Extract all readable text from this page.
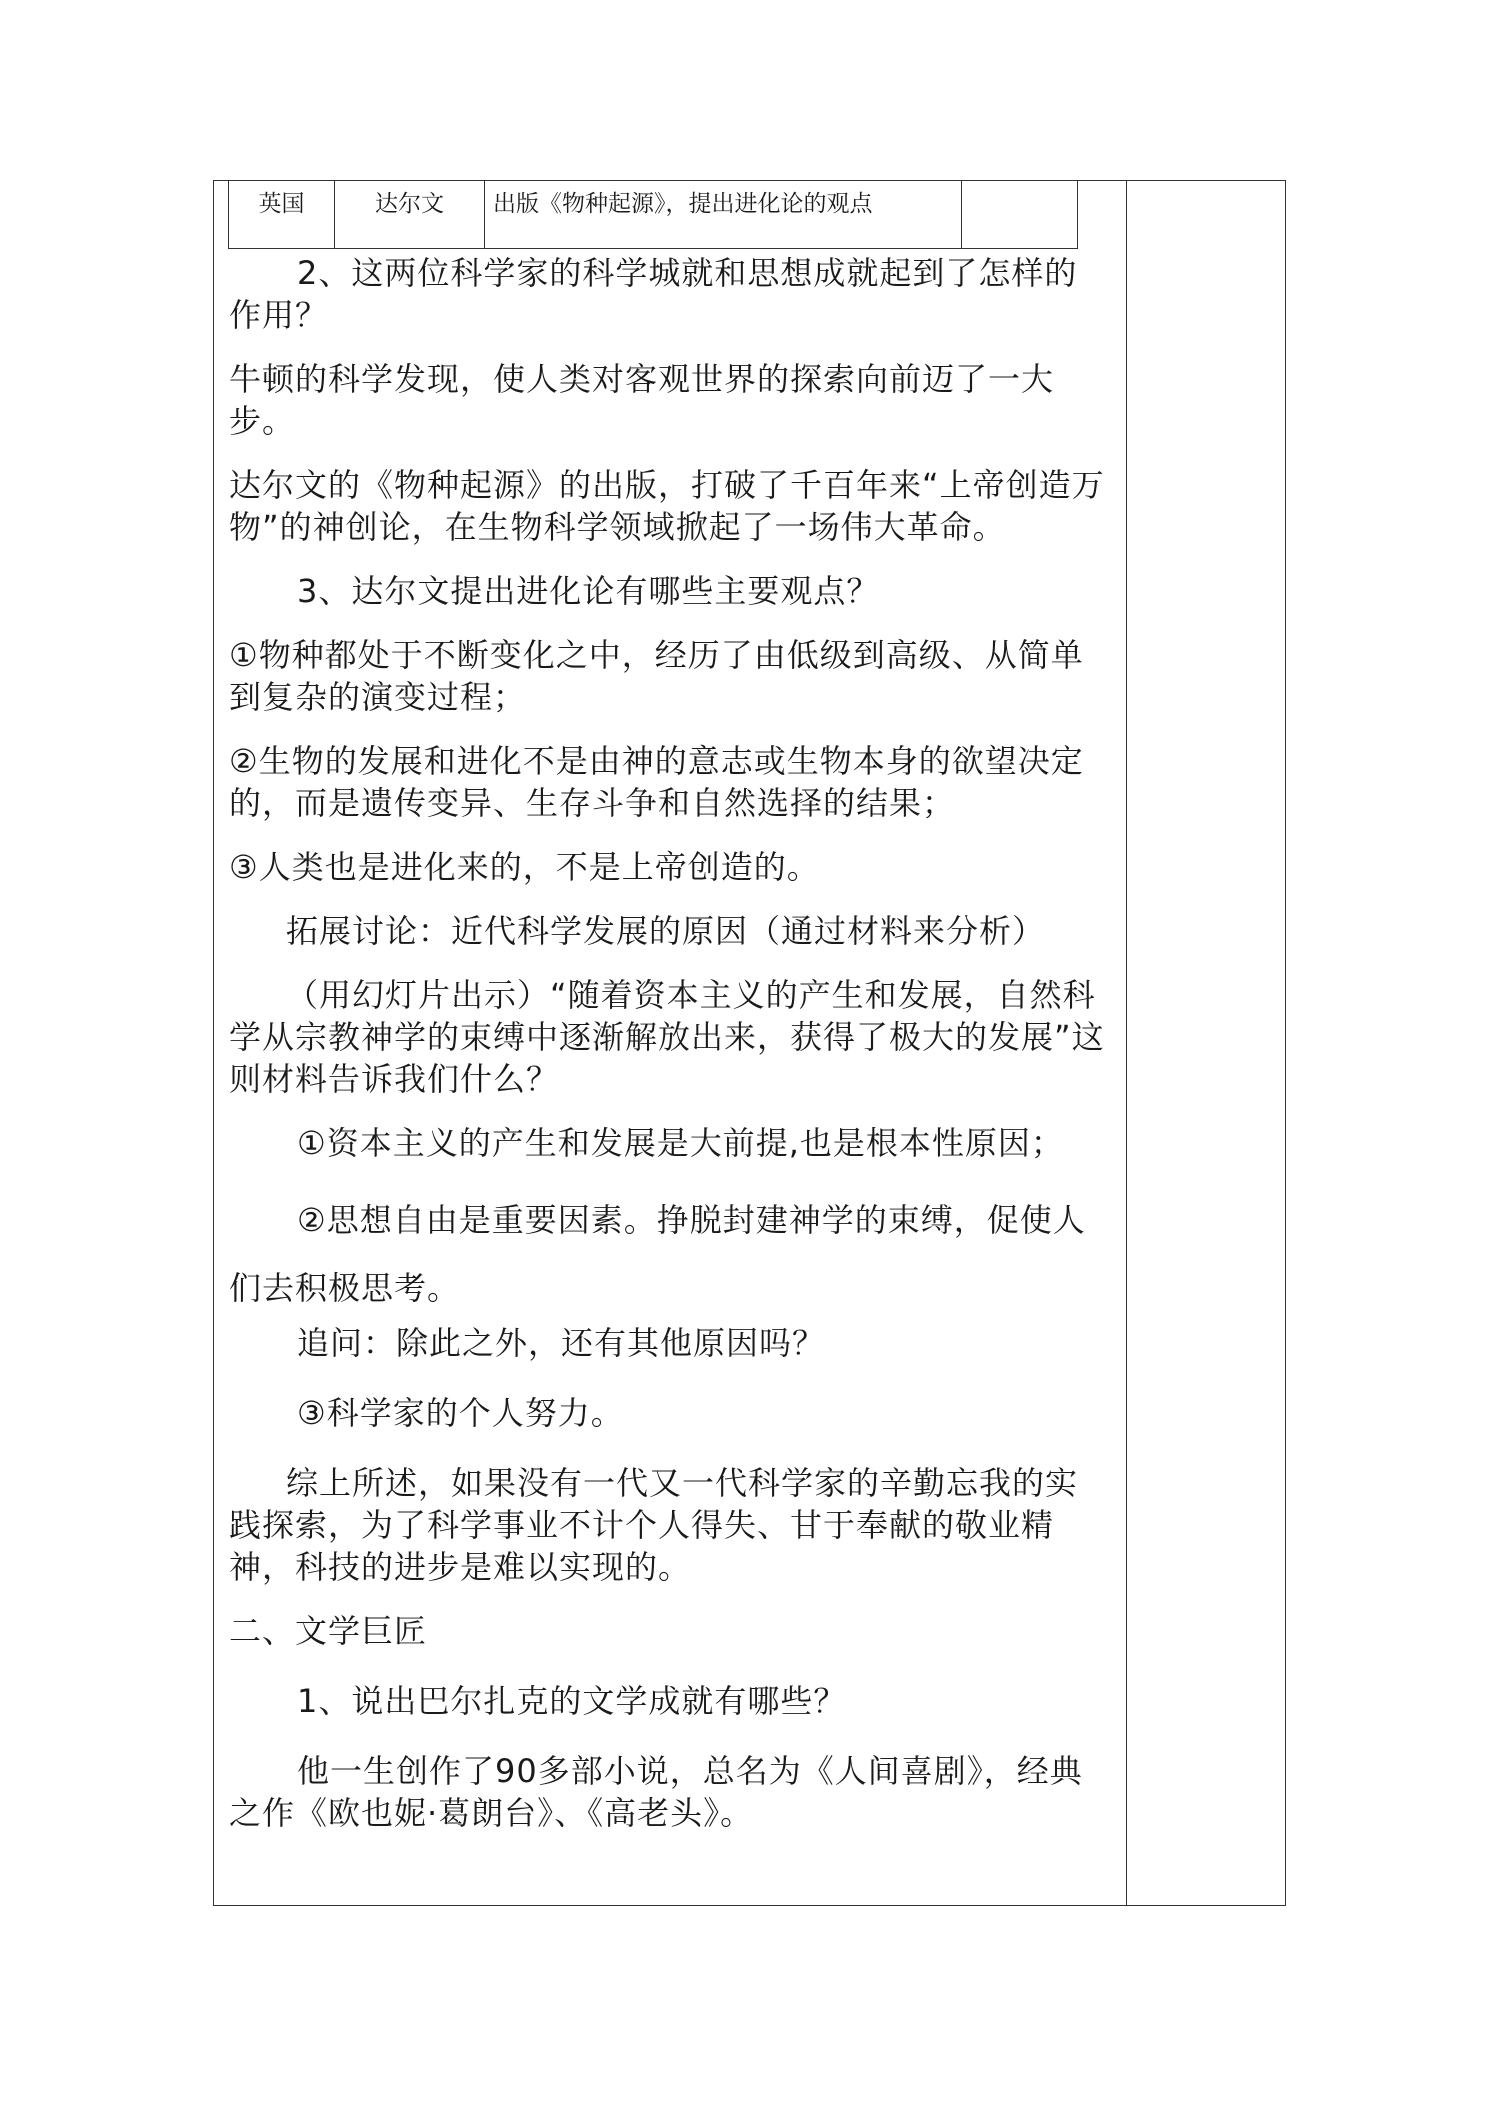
英国	达尔文	出版《物种起源》，提出进化论的观点	

2、这两位科学家的科学城就和思想成就起到了怎样的作用？

牛顿的科学发现，使人类对客观世界的探索向前迈了一大步。

达尔文的《物种起源》的出版，打破了千百年来“上帝创造万物”的神创论，在生物科学领域掀起了一场伟大革命。

3、达尔文提出进化论有哪些主要观点？

①物种都处于不断变化之中，经历了由低级到高级、从简单到复杂的演变过程；

②生物的发展和进化不是由神的意志或生物本身的欲望决定的，而是遗传变异、生存斗争和自然选择的结果；

③人类也是进化来的，不是上帝创造的。

拓展讨论：近代科学发展的原因（通过材料来分析）

（用幻灯片出示）“随着资本主义的产生和发展，自然科学从宗教神学的束缚中逐渐解放出来，获得了极大的发展”这则材料告诉我们什么？

①资本主义的产生和发展是大前提,也是根本性原因；

②思想自由是重要因素。挣脱封建神学的束缚，促使人们去积极思考。

追问：除此之外，还有其他原因吗？

③科学家的个人努力。

综上所述，如果没有一代又一代科学家的辛勤忘我的实践探索，为了科学事业不计个人得失、甘于奉献的敬业精神，科技的进步是难以实现的。

二、文学巨匠

1、说出巴尔扎克的文学成就有哪些？

他一生创作了90多部小说，总名为《人间喜剧》，经典之作《欧也妮·葛朗台》、《高老头》。
